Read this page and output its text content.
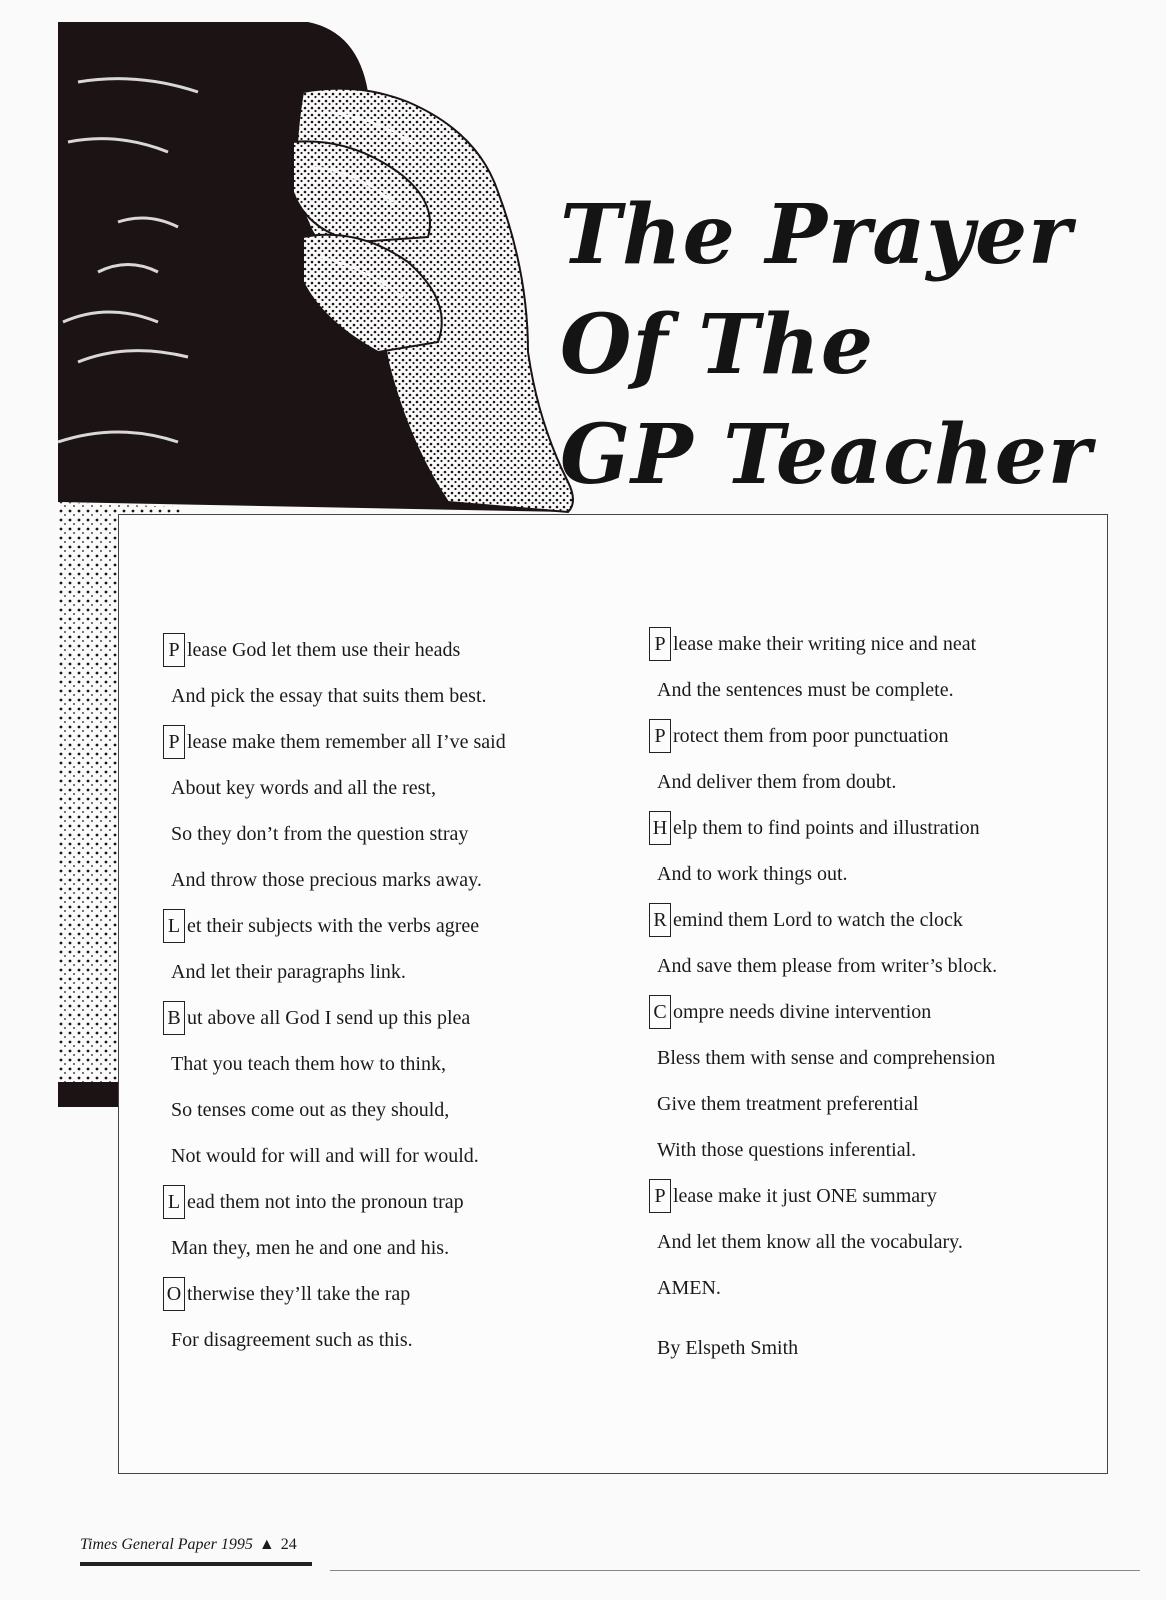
The Prayer
Of The
GP Teacher
P lease God let them use their heads
And pick the essay that suits them best.
P lease make them remember all I’ve said
About key words and all the rest,
So they don’t from the question stray
And throw those precious marks away.
L et their subjects with the verbs agree
And let their paragraphs link.
B ut above all God I send up this plea
That you teach them how to think,
So tenses come out as they should,
Not would for will and will for would.
L ead them not into the pronoun trap
Man they, men he and one and his.
O therwise they’ll take the rap
For disagreement such as this.
P lease make their writing nice and neat
And the sentences must be complete.
P rotect them from poor punctuation
And deliver them from doubt.
H elp them to find points and illustration
And to work things out.
R emind them Lord to watch the clock
And save them please from writer’s block.
C ompre needs divine intervention
Bless them with sense and comprehension
Give them treatment preferential
With those questions inferential.
P lease make it just ONE summary
And let them know all the vocabulary.
AMEN.
By Elspeth Smith
Times General Paper 1995 ▲ 24
